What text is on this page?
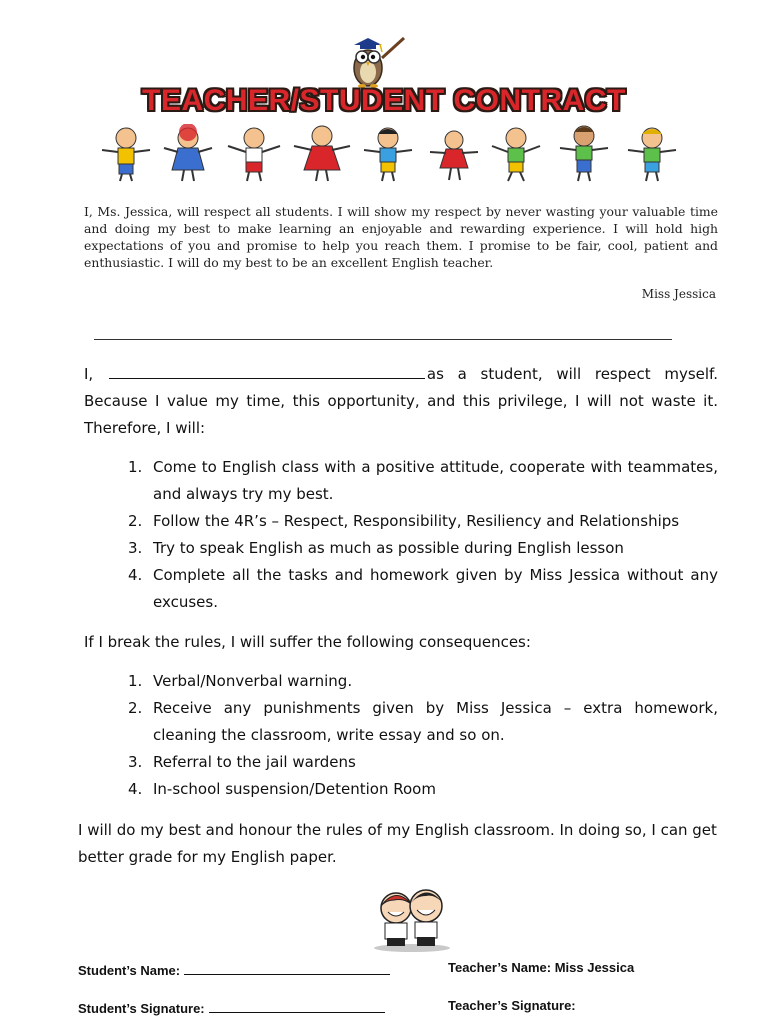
TEACHER/STUDENT CONTRACT

I, Ms. Jessica, will respect all students. I will show my respect by never wasting your valuable time and doing my best to make learning an enjoyable and rewarding experience. I will hold high expectations of you and promise to help you reach them. I promise to be fair, cool, patient and enthusiastic. I will do my best to be an excellent English teacher.

Miss Jessica
I,	as a student, will respect myself. Because I value my time, this opportunity, and this privilege, I will not waste it. Therefore, I will:
1. Come to English class with a positive attitude, cooperate with teammates, and always try my best.
2. Follow the 4R’s – Respect, Responsibility, Resiliency and Relationships
3. Try to speak English as much as possible during English lesson
4. Complete all the tasks and homework given by Miss Jessica without any excuses.
If I break the rules, I will suffer the following consequences:
1. Verbal/Nonverbal warning.
2. Receive any punishments given by Miss Jessica – extra homework, cleaning the classroom, write essay and so on.
3. Referral to the jail wardens
4. In-school suspension/Detention Room

I will do my best and honour the rules of my English classroom. In doing so, I can get better grade for my English paper.

Student’s Name:	Teacher’s Name: Miss Jessica
Student’s Signature:	Teacher’s Signature:
